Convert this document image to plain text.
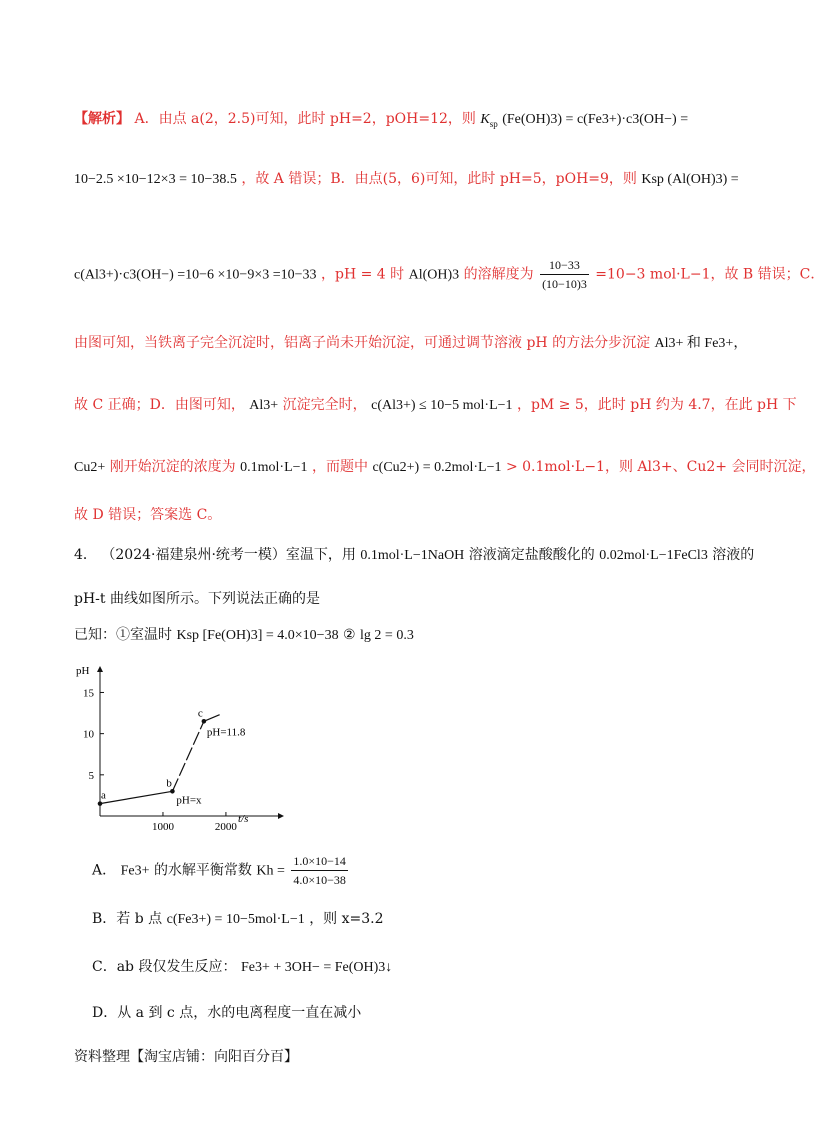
【解析】 A．由点 a(2，2.5)可知，此时 pH=2，pOH=12，则 $K_{sp}$ (Fe(OH)3) = c(Fe3+)·c3(OH−) =
10−2.5 ×10−12×3 = 10−38.5 ，故 A 错误；B．由点(5，6)可知，此时 pH=5，pOH=9，则 Ksp (Al(OH)3) =
c(Al3+)·c3(OH−) =10−6 ×10−9×3 =10−33 ，pH = 4 时 Al(OH)3 的溶解度为 $\frac{10-33}{(10-10)3} =10-3$ mol·L−1，故 B 错误；C．
由图可知，当铁离子完全沉淀时，铝离子尚未开始沉淀，可通过调节溶液 pH 的方法分步沉淀 Al3+ 和 Fe3+，
故 C 正确；D．由图可知， Al3+ 沉淀完全时， c(Al3+) ≤ 10−5 mol·L−1 ，pM ≥ 5，此时 pH 约为 4.7，在此 pH 下
Cu2+ 刚开始沉淀的浓度为 0.1mol·L−1 ，而题中 c(Cu2+) = 0.2mol·L−1 > 0.1mol·L−1，则 Al3+、Cu2+ 会同时沉淀，
故 D 错误；答案选 C。
4． （2024·福建泉州·统考一模）室温下，用 0.1mol·L−1NaOH 溶液滴定盐酸酸化的 0.02mol·L−1FeCl3 溶液的
pH-t 曲线如图所示。下列说法正确的是
已知：①室温时 Ksp [Fe(OH)3] = 4.0×10−38 ② lg 2 = 0.3
pH
t/s
5
10
15
1000	2000
a
b
c
pH=11.8
pH=x
A． Fe3+ 的水解平衡常数 $Kh = \frac{1.0\times 10-14}{4.0\times 10-38}$
B．若 b 点 c(Fe3+) = 10−5mol·L−1 ，则 x=3.2
C．ab 段仅发生反应： Fe3+ + 3OH− = Fe(OH)3↓
D．从 a 到 c 点，水的电离程度一直在减小
资料整理【淘宝店铺：向阳百分百】
